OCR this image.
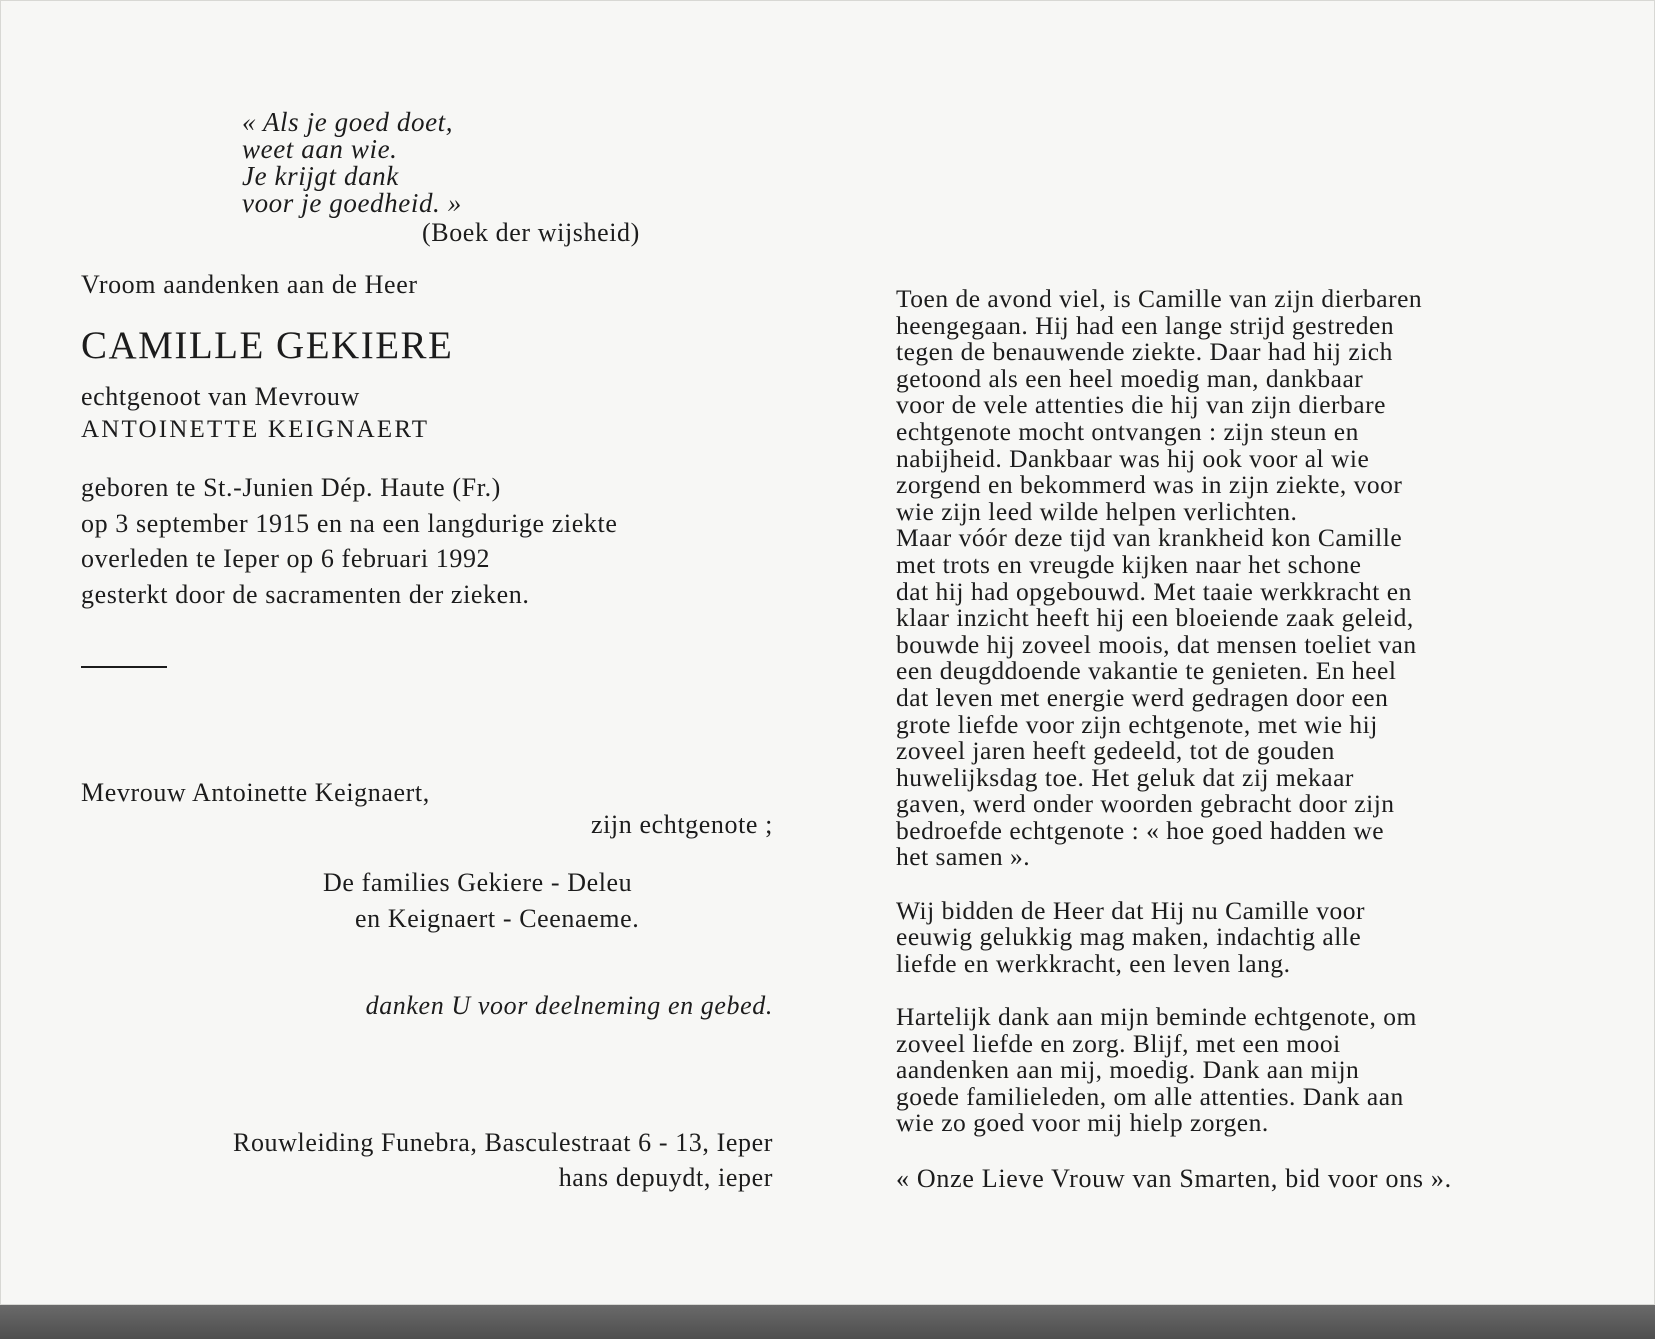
« Als je goed doet,
weet aan wie.
Je krijgt dank
voor je goedheid. »
(Boek der wijsheid)
Vroom aandenken aan de Heer
CAMILLE GEKIERE
echtgenoot van Mevrouw
ANTOINETTE KEIGNAERT
geboren te St.-Junien Dép. Haute (Fr.)
op 3 september 1915 en na een langdurige ziekte
overleden te Ieper op 6 februari 1992
gesterkt door de sacramenten der zieken.
Mevrouw Antoinette Keignaert,
zijn echtgenote ;
De families Gekiere - Deleu
en Keignaert - Ceenaeme.
danken U voor deelneming en gebed.
Rouwleiding Funebra, Basculestraat 6 - 13, Ieper
hans depuydt, ieper
Toen de avond viel, is Camille van zijn dierbaren
heengegaan. Hij had een lange strijd gestreden
tegen de benauwende ziekte. Daar had hij zich
getoond als een heel moedig man, dankbaar
voor de vele attenties die hij van zijn dierbare
echtgenote mocht ontvangen : zijn steun en
nabijheid. Dankbaar was hij ook voor al wie
zorgend en bekommerd was in zijn ziekte, voor
wie zijn leed wilde helpen verlichten.
Maar vóór deze tijd van krankheid kon Camille
met trots en vreugde kijken naar het schone
dat hij had opgebouwd. Met taaie werkkracht en
klaar inzicht heeft hij een bloeiende zaak geleid,
bouwde hij zoveel moois, dat mensen toeliet van
een deugddoende vakantie te genieten. En heel
dat leven met energie werd gedragen door een
grote liefde voor zijn echtgenote, met wie hij
zoveel jaren heeft gedeeld, tot de gouden
huwelijksdag toe. Het geluk dat zij mekaar
gaven, werd onder woorden gebracht door zijn
bedroefde echtgenote : « hoe goed hadden we
het samen ».
Wij bidden de Heer dat Hij nu Camille voor
eeuwig gelukkig mag maken, indachtig alle
liefde en werkkracht, een leven lang.
Hartelijk dank aan mijn beminde echtgenote, om
zoveel liefde en zorg. Blijf, met een mooi
aandenken aan mij, moedig. Dank aan mijn
goede familieleden, om alle attenties. Dank aan
wie zo goed voor mij hielp zorgen.
« Onze Lieve Vrouw van Smarten, bid voor ons ».
